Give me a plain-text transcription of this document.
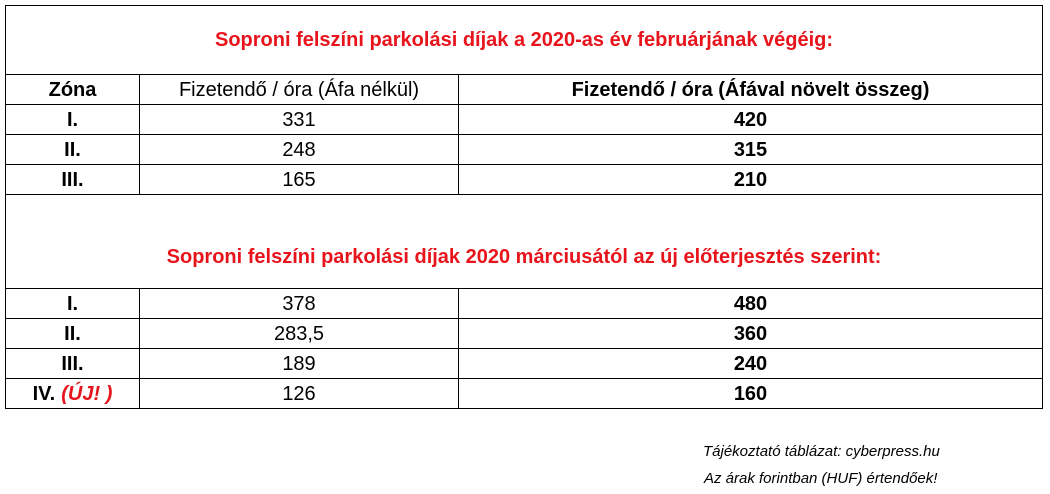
Soproni felszíni parkolási díjak a 2020-as év februárjának végéig:
Zóna	Fizetendő / óra (Áfa nélkül)	Fizetendő / óra (Áfával növelt összeg)
I.	331	420
II.	248	315
III.	165	210
Soproni felszíni parkolási díjak 2020 márciusától az új előterjesztés szerint:
I.	378	480
II.	283,5	360
III.	189	240
IV. (ÚJ! )	126	160
Tájékoztató táblázat: cyberpress.hu
Az árak forintban (HUF) értendőek!
